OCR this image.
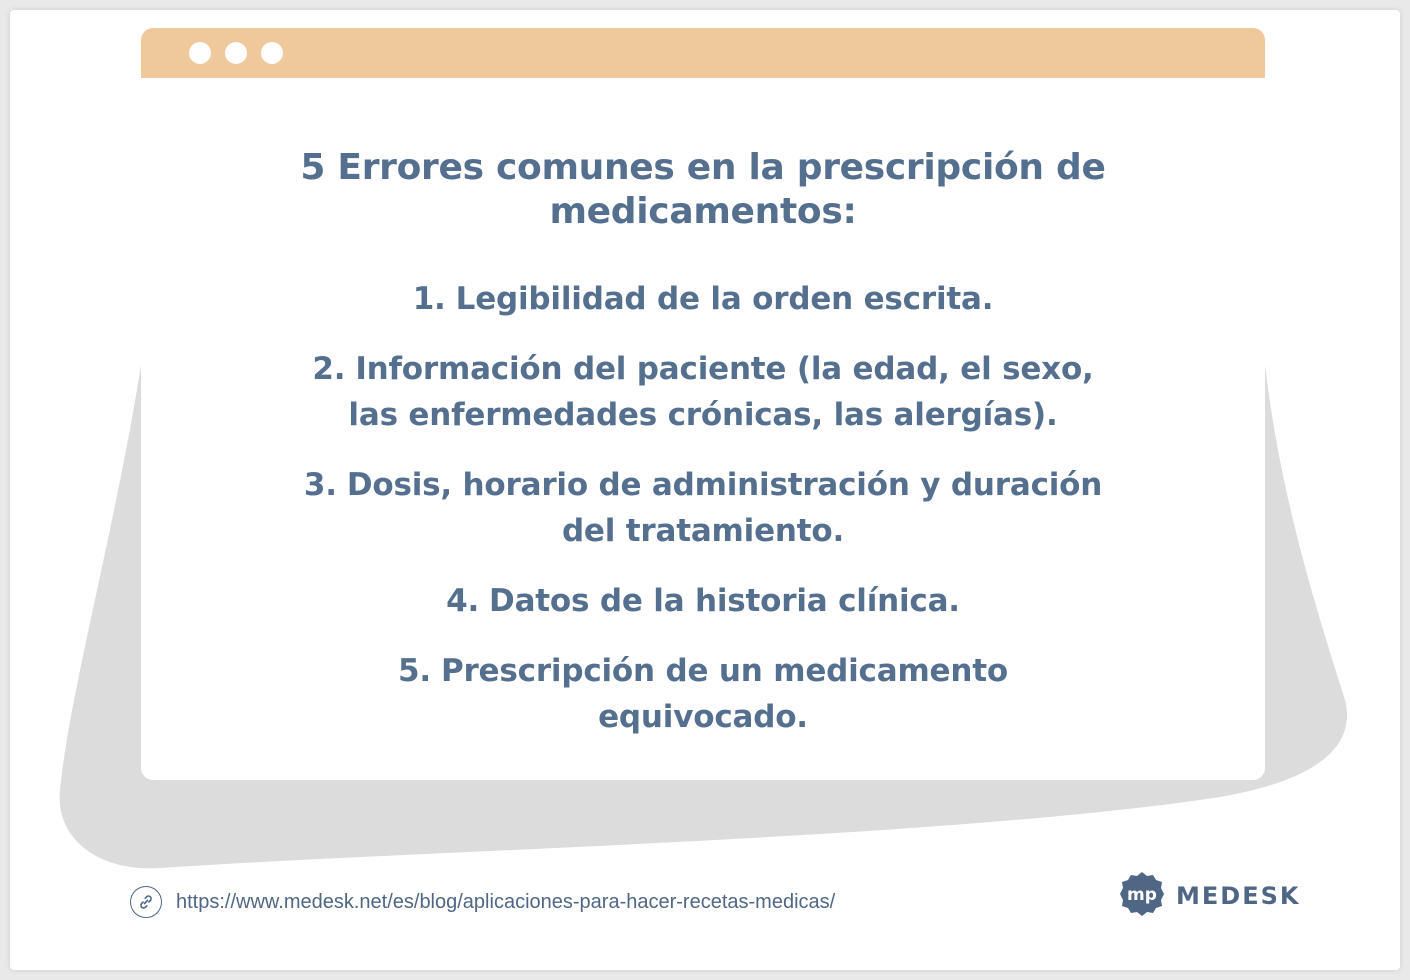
5 Errores comunes en la prescripción de medicamentos:
1. Legibilidad de la orden escrita.
2. Información del paciente (la edad, el sexo, las enfermedades crónicas, las alergías).
3. Dosis, horario de administración y duración del tratamiento.
4. Datos de la historia clínica.
5. Prescripción de un medicamento equivocado.
https://www.medesk.net/es/blog/aplicaciones-para-hacer-recetas-medicas/	mp MEDESK
